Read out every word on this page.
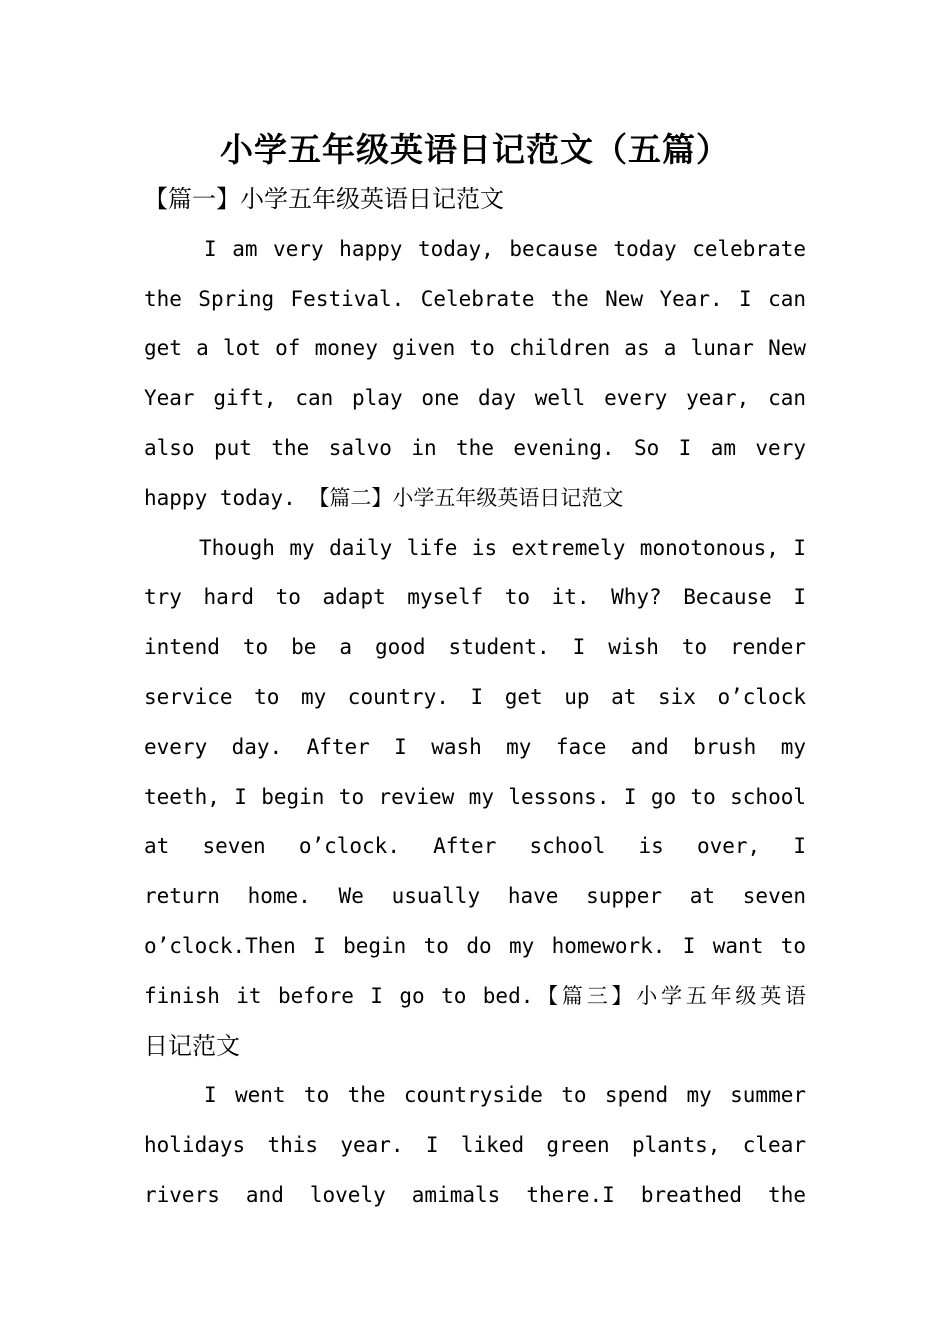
小学五年级英语日记范文（五篇）
【篇一】小学五年级英语日记范文
I am very happy today, because today celebrate
the Spring Festival. Celebrate the New Year. I can
get a lot of money given to children as a lunar New
Year gift, can play one day well every year, can
also put the salvo in the evening. So I am very
happy today. 【篇二】小学五年级英语日记范文
Though my daily life is extremely monotonous, I
try hard to adapt myself to it. Why? Because I
intend to be a good student. I wish to render
service to my country. I get up at six o’clock
every day. After I wash my face and brush my
teeth, I begin to review my lessons. I go to school
at seven o’clock. After school is over, I
return home. We usually have supper at seven
o’clock.Then I begin to do my homework. I want to
finish it before I go to bed.【篇三】小学五年级英语
日记范文
I went to the countryside to spend my summer
holidays this year. I liked green plants, clear
rivers and lovely amimals there.I breathed the
